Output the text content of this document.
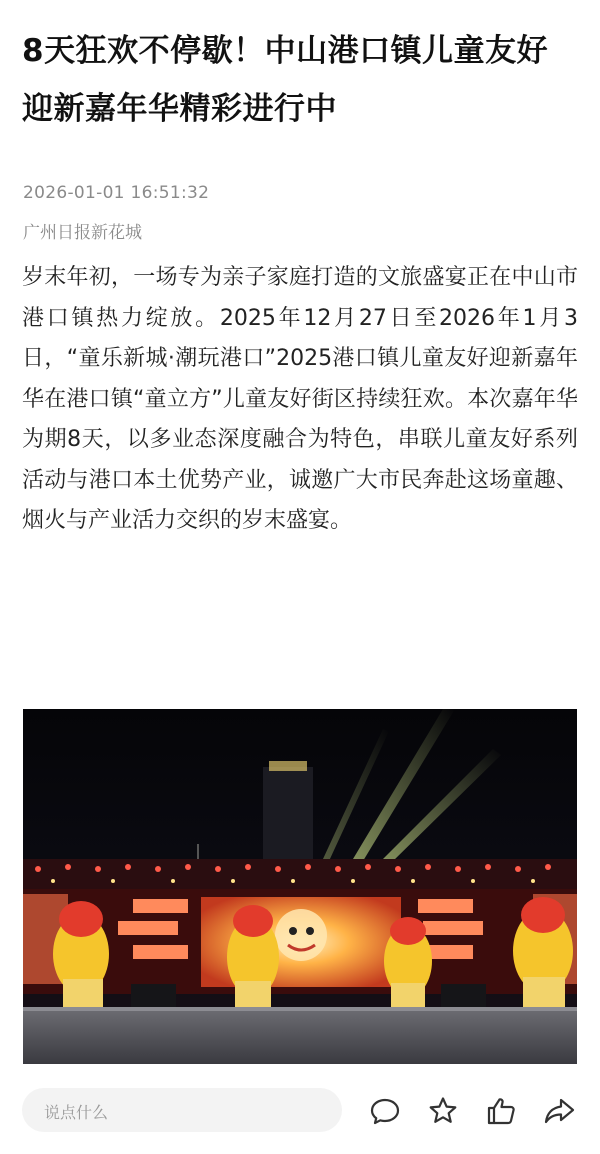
8天狂欢不停歇！中山港口镇儿童友好迎新嘉年华精彩进行中
2026-01-01 16:51:32
广州日报新花城
岁末年初，一场专为亲子家庭打造的文旅盛宴正在中山市港口镇热力绽放。2025年12月27日至2026年1月3日，“童乐新城·潮玩港口”2025港口镇儿童友好迎新嘉年华在港口镇“童立方”儿童友好街区持续狂欢。本次嘉年华为期8天，以多业态深度融合为特色，串联儿童友好系列活动与港口本土优势产业，诚邀广大市民奔赴这场童趣、烟火与产业活力交织的岁末盛宴。
说点什么
